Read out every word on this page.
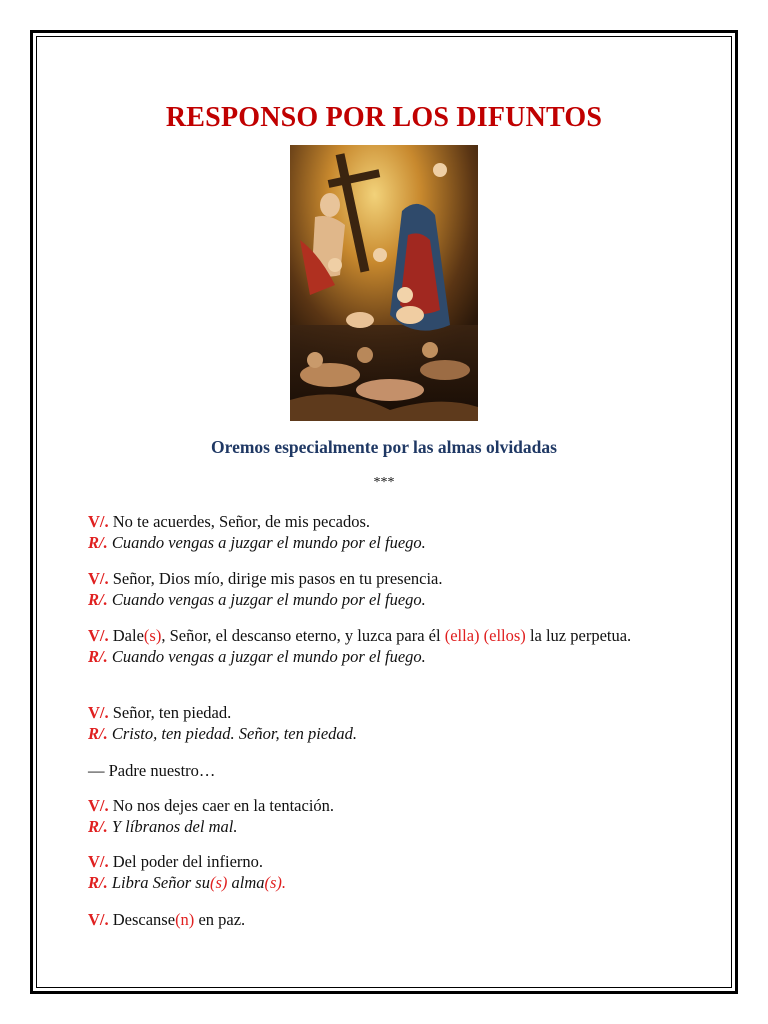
RESPONSO POR LOS DIFUNTOS
Oremos especialmente por las almas olvidadas
***
V/. No te acuerdes, Señor, de mis pecados.
R/. Cuando vengas a juzgar el mundo por el fuego.
V/. Señor, Dios mío, dirige mis pasos en tu presencia.
R/. Cuando vengas a juzgar el mundo por el fuego.
V/. Dale(s), Señor, el descanso eterno, y luzca para él (ella) (ellos) la luz perpetua.
R/. Cuando vengas a juzgar el mundo por el fuego.
V/. Señor, ten piedad.
R/. Cristo, ten piedad. Señor, ten piedad.
— Padre nuestro…
V/. No nos dejes caer en la tentación.
R/. Y líbranos del mal.
V/. Del poder del infierno.
R/. Libra Señor su(s) alma(s).
V/. Descanse(n) en paz.
